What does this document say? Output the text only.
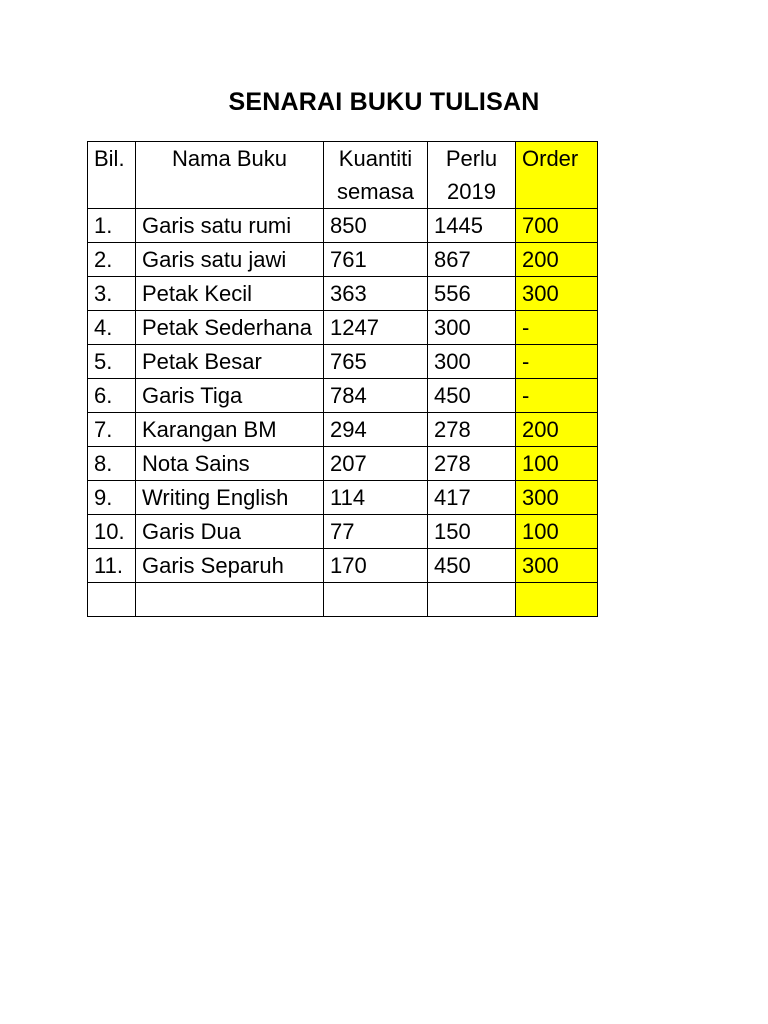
SENARAI BUKU TULISAN
Bil.	Nama Buku	Kuantiti semasa	Perlu 2019	Order
1.	Garis satu rumi	850	1445	700
2.	Garis satu jawi	761	867	200
3.	Petak Kecil	363	556	300
4.	Petak Sederhana	1247	300	-
5.	Petak Besar	765	300	-
6.	Garis Tiga	784	450	-
7.	Karangan BM	294	278	200
8.	Nota Sains	207	278	100
9.	Writing English	114	417	300
10.	Garis Dua	77	150	100
11.	Garis Separuh	170	450	300
